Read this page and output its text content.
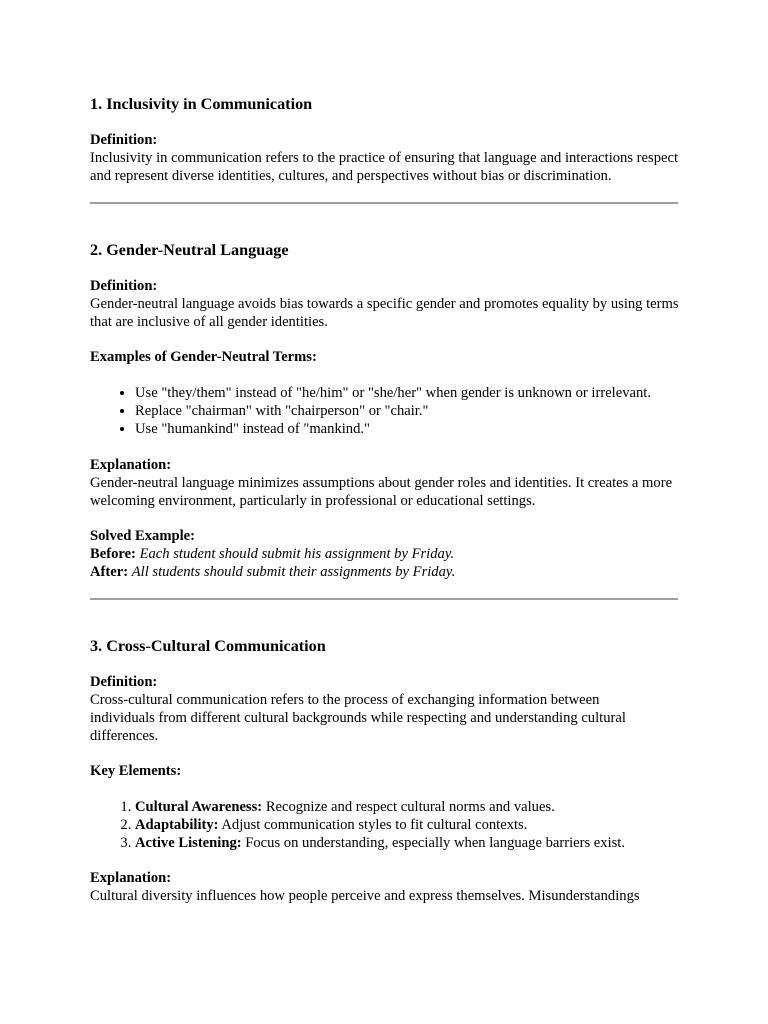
1. Inclusivity in Communication
Definition:

Inclusivity in communication refers to the practice of ensuring that language and interactions respect and represent diverse identities, cultures, and perspectives without bias or discrimination.

2. Gender-Neutral Language
Definition:

Gender-neutral language avoids bias towards a specific gender and promotes equality by using terms that are inclusive of all gender identities.

Examples of Gender-Neutral Terms:
• Use "they/them" instead of "he/him" or "she/her" when gender is unknown or irrelevant.
• Replace "chairman" with "chairperson" or "chair."
• Use "humankind" instead of "mankind."
Explanation:

Gender-neutral language minimizes assumptions about gender roles and identities. It creates a more welcoming environment, particularly in professional or educational settings.

Solved Example:
Before: Each student should submit his assignment by Friday.
After: All students should submit their assignments by Friday.
3. Cross-Cultural Communication
Definition:

Cross-cultural communication refers to the process of exchanging information between individuals from different cultural backgrounds while respecting and understanding cultural differences.

Key Elements:
1. Cultural Awareness: Recognize and respect cultural norms and values.
2. Adaptability: Adjust communication styles to fit cultural contexts.
3. Active Listening: Focus on understanding, especially when language barriers exist.
Explanation:

Cultural diversity influences how people perceive and express themselves. Misunderstandings
